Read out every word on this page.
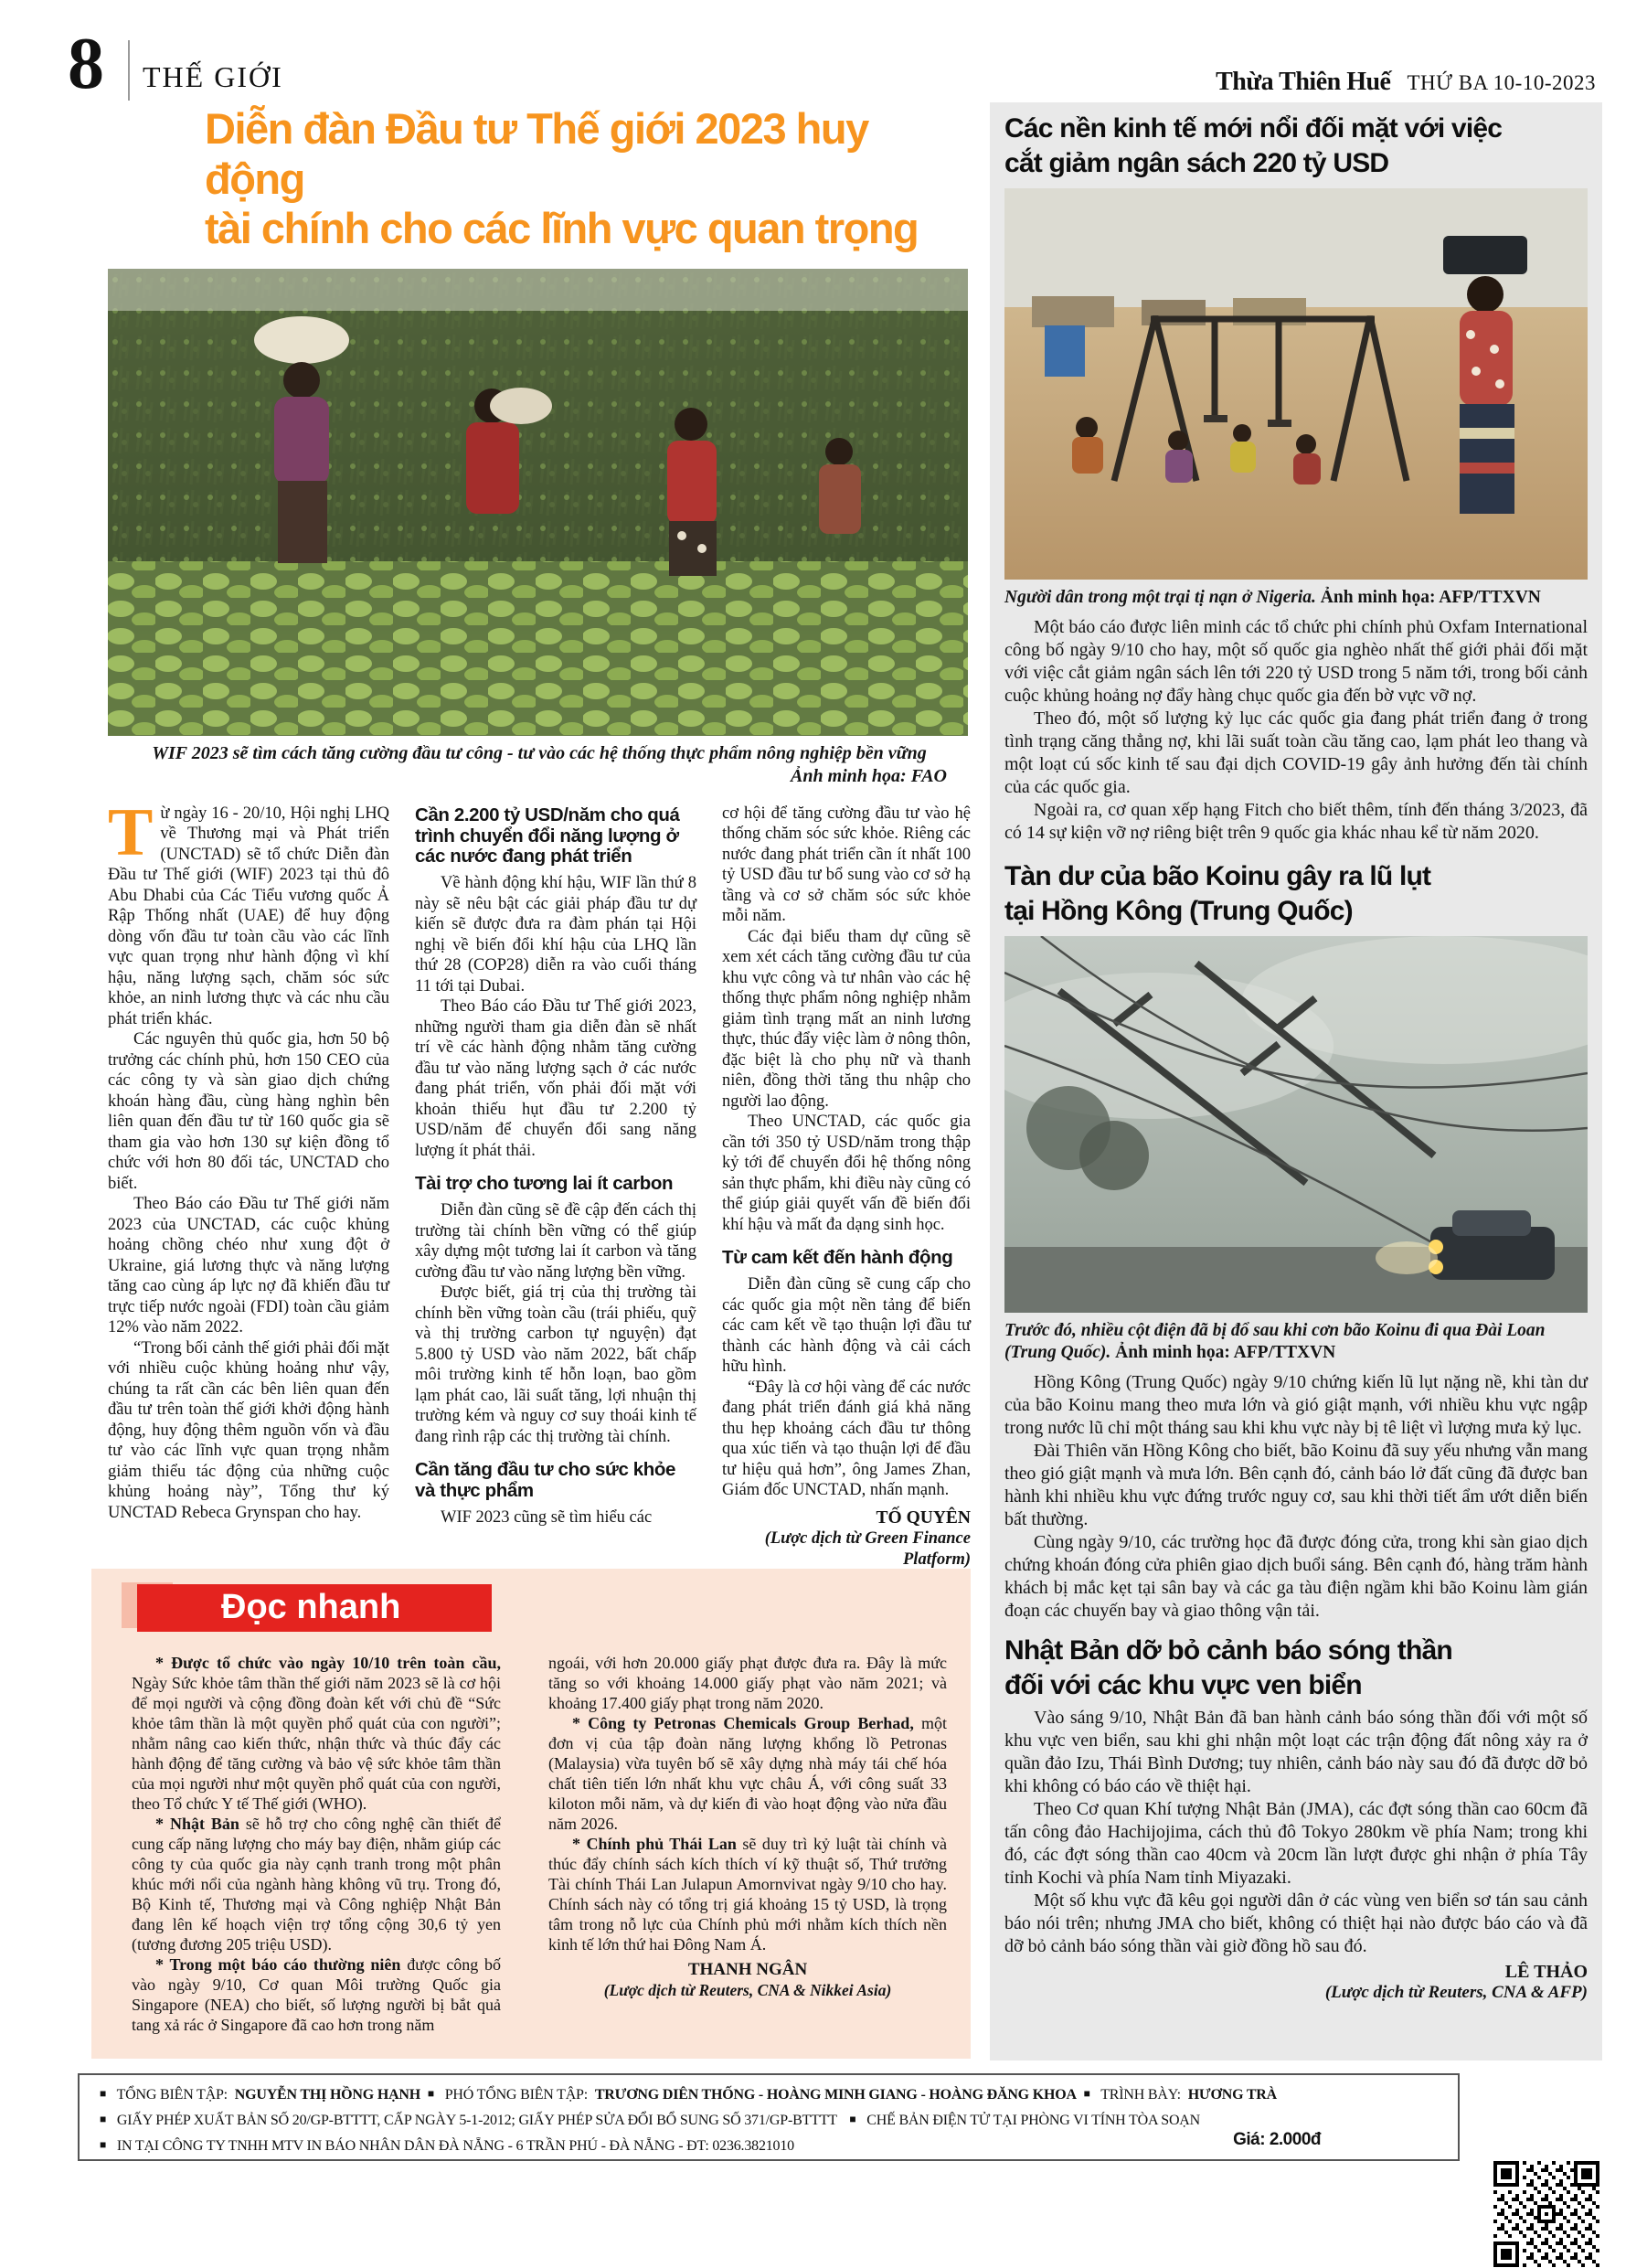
8 THẾ GIỚI	Thừa Thiên Huế THỨ BA 10-10-2023
Diễn đàn Đầu tư Thế giới 2023 huy động
tài chính cho các lĩnh vực quan trọng
WIF 2023 sẽ tìm cách tăng cường đầu tư công - tư vào các hệ thống thực phẩm nông nghiệp bền vững
Ảnh minh họa: FAO

Từ ngày 16 - 20/10, Hội nghị LHQ về Thương mại và Phát triển (UNCTAD) sẽ tổ chức Diễn đàn Đầu tư Thế giới (WIF) 2023 tại thủ đô Abu Dhabi của Các Tiểu vương quốc Ả Rập Thống nhất (UAE) để huy động dòng vốn đầu tư toàn cầu vào các lĩnh vực quan trọng như hành động vì khí hậu, năng lượng sạch, chăm sóc sức khỏe, an ninh lương thực và các nhu cầu phát triển khác.

Các nguyên thủ quốc gia, hơn 50 bộ trưởng các chính phủ, hơn 150 CEO của các công ty và sàn giao dịch chứng khoán hàng đầu, cùng hàng nghìn bên liên quan đến đầu tư từ 160 quốc gia sẽ tham gia vào hơn 130 sự kiện đồng tổ chức với hơn 80 đối tác, UNCTAD cho biết.

Theo Báo cáo Đầu tư Thế giới năm 2023 của UNCTAD, các cuộc khủng hoảng chồng chéo như xung đột ở Ukraine, giá lương thực và năng lượng tăng cao cùng áp lực nợ đã khiến đầu tư trực tiếp nước ngoài (FDI) toàn cầu giảm 12% vào năm 2022.

“Trong bối cảnh thế giới phải đối mặt với nhiều cuộc khủng hoảng như vậy, chúng ta rất cần các bên liên quan đến đầu tư trên toàn thế giới khởi động hành động, huy động thêm nguồn vốn và đầu tư vào các lĩnh vực quan trọng nhằm giảm thiểu tác động của những cuộc khủng hoảng này”, Tổng thư ký UNCTAD Rebeca Grynspan cho hay.

Cần 2.200 tỷ USD/năm cho quá trình chuyển đổi năng lượng ở các nước đang phát triển

Về hành động khí hậu, WIF lần thứ 8 này sẽ nêu bật các giải pháp đầu tư dự kiến sẽ được đưa ra đàm phán tại Hội nghị về biến đổi khí hậu của LHQ lần thứ 28 (COP28) diễn ra vào cuối tháng 11 tới tại Dubai.

Theo Báo cáo Đầu tư Thế giới 2023, những người tham gia diễn đàn sẽ nhất trí về các hành động nhằm tăng cường đầu tư vào năng lượng sạch ở các nước đang phát triển, vốn phải đối mặt với khoản thiếu hụt đầu tư 2.200 tỷ USD/năm để chuyển đổi sang năng lượng ít phát thải.

Tài trợ cho tương lai ít carbon

Diễn đàn cũng sẽ đề cập đến cách thị trường tài chính bền vững có thể giúp xây dựng một tương lai ít carbon và tăng cường đầu tư vào năng lượng bền vững.

Được biết, giá trị của thị trường tài chính bền vững toàn cầu (trái phiếu, quỹ và thị trường carbon tự nguyện) đạt 5.800 tỷ USD vào năm 2022, bất chấp môi trường kinh tế hỗn loạn, bao gồm lạm phát cao, lãi suất tăng, lợi nhuận thị trường kém và nguy cơ suy thoái kinh tế đang rình rập các thị trường tài chính.

Cần tăng đầu tư cho sức khỏe và thực phẩm

WIF 2023 cũng sẽ tìm hiểu các

cơ hội để tăng cường đầu tư vào hệ thống chăm sóc sức khỏe. Riêng các nước đang phát triển cần ít nhất 100 tỷ USD đầu tư bổ sung vào cơ sở hạ tầng và cơ sở chăm sóc sức khỏe mỗi năm.

Các đại biểu tham dự cũng sẽ xem xét cách tăng cường đầu tư của khu vực công và tư nhân vào các hệ thống thực phẩm nông nghiệp nhằm giảm tình trạng mất an ninh lương thực, thúc đẩy việc làm ở nông thôn, đặc biệt là cho phụ nữ và thanh niên, đồng thời tăng thu nhập cho người lao động.

Theo UNCTAD, các quốc gia cần tới 350 tỷ USD/năm trong thập kỷ tới để chuyển đổi hệ thống nông sản thực phẩm, khi điều này cũng có thể giúp giải quyết vấn đề biến đổi khí hậu và mất đa dạng sinh học.

Từ cam kết đến hành động

Diễn đàn cũng sẽ cung cấp cho các quốc gia một nền tảng để biến các cam kết về tạo thuận lợi đầu tư thành các hành động và cải cách hữu hình.

“Đây là cơ hội vàng để các nước đang phát triển đánh giá khả năng thu hẹp khoảng cách đầu tư thông qua xúc tiến và tạo thuận lợi để đầu tư hiệu quả hơn”, ông James Zhan, Giám đốc UNCTAD, nhấn mạnh.

TỐ QUYÊN
(Lược dịch từ Green Finance Platform)
Đọc nhanh

* Được tổ chức vào ngày 10/10 trên toàn cầu, Ngày Sức khỏe tâm thần thế giới năm 2023 sẽ là cơ hội để mọi người và cộng đồng đoàn kết với chủ đề “Sức khỏe tâm thần là một quyền phổ quát của con người”; nhằm nâng cao kiến thức, nhận thức và thúc đẩy các hành động để tăng cường và bảo vệ sức khỏe tâm thần của mọi người như một quyền phổ quát của con người, theo Tổ chức Y tế Thế giới (WHO).

* Nhật Bản sẽ hỗ trợ cho công nghệ cần thiết để cung cấp năng lượng cho máy bay điện, nhằm giúp các công ty của quốc gia này cạnh tranh trong một phân khúc mới nổi của ngành hàng không vũ trụ. Trong đó, Bộ Kinh tế, Thương mại và Công nghiệp Nhật Bản đang lên kế hoạch viện trợ tổng cộng 30,6 tỷ yen (tương đương 205 triệu USD).

* Trong một báo cáo thường niên được công bố vào ngày 9/10, Cơ quan Môi trường Quốc gia Singapore (NEA) cho biết, số lượng người bị bắt quả tang xả rác ở Singapore đã cao hơn trong năm

ngoái, với hơn 20.000 giấy phạt được đưa ra. Đây là mức tăng so với khoảng 14.000 giấy phạt vào năm 2021; và khoảng 17.400 giấy phạt trong năm 2020.

* Công ty Petronas Chemicals Group Berhad, một đơn vị của tập đoàn năng lượng khổng lồ Petronas (Malaysia) vừa tuyên bố sẽ xây dựng nhà máy tái chế hóa chất tiên tiến lớn nhất khu vực châu Á, với công suất 33 kiloton mỗi năm, và dự kiến đi vào hoạt động vào nửa đầu năm 2026.

* Chính phủ Thái Lan sẽ duy trì kỷ luật tài chính và thúc đẩy chính sách kích thích ví kỹ thuật số, Thứ trưởng Tài chính Thái Lan Julapun Amornvivat ngày 9/10 cho hay. Chính sách này có tổng trị giá khoảng 15 tỷ USD, là trọng tâm trong nỗ lực của Chính phủ mới nhằm kích thích nền kinh tế lớn thứ hai Đông Nam Á.

THANH NGÂN
(Lược dịch từ Reuters, CNA & Nikkei Asia)
Các nền kinh tế mới nổi đối mặt với việc
cắt giảm ngân sách 220 tỷ USD
Người dân trong một trại tị nạn ở Nigeria. Ảnh minh họa: AFP/TTXVN

Một báo cáo được liên minh các tổ chức phi chính phủ Oxfam International công bố ngày 9/10 cho hay, một số quốc gia nghèo nhất thế giới phải đối mặt với việc cắt giảm ngân sách lên tới 220 tỷ USD trong 5 năm tới, trong bối cảnh cuộc khủng hoảng nợ đẩy hàng chục quốc gia đến bờ vực vỡ nợ.

Theo đó, một số lượng kỷ lục các quốc gia đang phát triển đang ở trong tình trạng căng thẳng nợ, khi lãi suất toàn cầu tăng cao, lạm phát leo thang và một loạt cú sốc kinh tế sau đại dịch COVID-19 gây ảnh hưởng đến tài chính của các quốc gia.

Ngoài ra, cơ quan xếp hạng Fitch cho biết thêm, tính đến tháng 3/2023, đã có 14 sự kiện vỡ nợ riêng biệt trên 9 quốc gia khác nhau kể từ năm 2020.

Tàn dư của bão Koinu gây ra lũ lụt
tại Hồng Kông (Trung Quốc)
Trước đó, nhiều cột điện đã bị đổ sau khi cơn bão Koinu đi qua Đài Loan (Trung Quốc). Ảnh minh họa: AFP/TTXVN

Hồng Kông (Trung Quốc) ngày 9/10 chứng kiến lũ lụt nặng nề, khi tàn dư của bão Koinu mang theo mưa lớn và gió giật mạnh, với nhiều khu vực ngập trong nước lũ chỉ một tháng sau khi khu vực này bị tê liệt vì lượng mưa kỷ lục.

Đài Thiên văn Hồng Kông cho biết, bão Koinu đã suy yếu nhưng vẫn mang theo gió giật mạnh và mưa lớn. Bên cạnh đó, cảnh báo lở đất cũng đã được ban hành khi nhiều khu vực đứng trước nguy cơ, sau khi thời tiết ẩm ướt diễn biến bất thường.

Cùng ngày 9/10, các trường học đã được đóng cửa, trong khi sàn giao dịch chứng khoán đóng cửa phiên giao dịch buổi sáng. Bên cạnh đó, hàng trăm hành khách bị mắc kẹt tại sân bay và các ga tàu điện ngầm khi bão Koinu làm gián đoạn các chuyến bay và giao thông vận tải.

Nhật Bản dỡ bỏ cảnh báo sóng thần
đối với các khu vực ven biển

Vào sáng 9/10, Nhật Bản đã ban hành cảnh báo sóng thần đối với một số khu vực ven biển, sau khi ghi nhận một loạt các trận động đất nông xảy ra ở quần đảo Izu, Thái Bình Dương; tuy nhiên, cảnh báo này sau đó đã được dỡ bỏ khi không có báo cáo về thiệt hại.

Theo Cơ quan Khí tượng Nhật Bản (JMA), các đợt sóng thần cao 60cm đã tấn công đảo Hachijojima, cách thủ đô Tokyo 280km về phía Nam; trong khi đó, các đợt sóng thần cao 40cm và 20cm lần lượt được ghi nhận ở phía Tây tỉnh Kochi và phía Nam tỉnh Miyazaki.

Một số khu vực đã kêu gọi người dân ở các vùng ven biển sơ tán sau cảnh báo nói trên; nhưng JMA cho biết, không có thiệt hại nào được báo cáo và đã dỡ bỏ cảnh báo sóng thần vài giờ đồng hồ sau đó.

LÊ THẢO
(Lược dịch từ Reuters, CNA & AFP)
■ TỔNG BIÊN TẬP: NGUYỄN THỊ HỒNG HẠNH ■ PHÓ TỔNG BIÊN TẬP: TRƯƠNG DIÊN THỐNG - HOÀNG MINH GIANG - HOÀNG ĐĂNG KHOA ■ TRÌNH BÀY: HƯƠNG TRÀ
■ GIẤY PHÉP XUẤT BẢN SỐ 20/GP-BTTTT, CẤP NGÀY 5-1-2012; GIẤY PHÉP SỬA ĐỔI BỔ SUNG SỐ 371/GP-BTTTT ■ CHẾ BẢN ĐIỆN TỬ TẠI PHÒNG VI TÍNH TÒA SOẠN
■ IN TẠI CÔNG TY TNHH MTV IN BÁO NHÂN DÂN ĐÀ NẴNG - 6 TRẦN PHÚ - ĐÀ NẴNG - ĐT: 0236.3821010	Giá: 2.000đ
